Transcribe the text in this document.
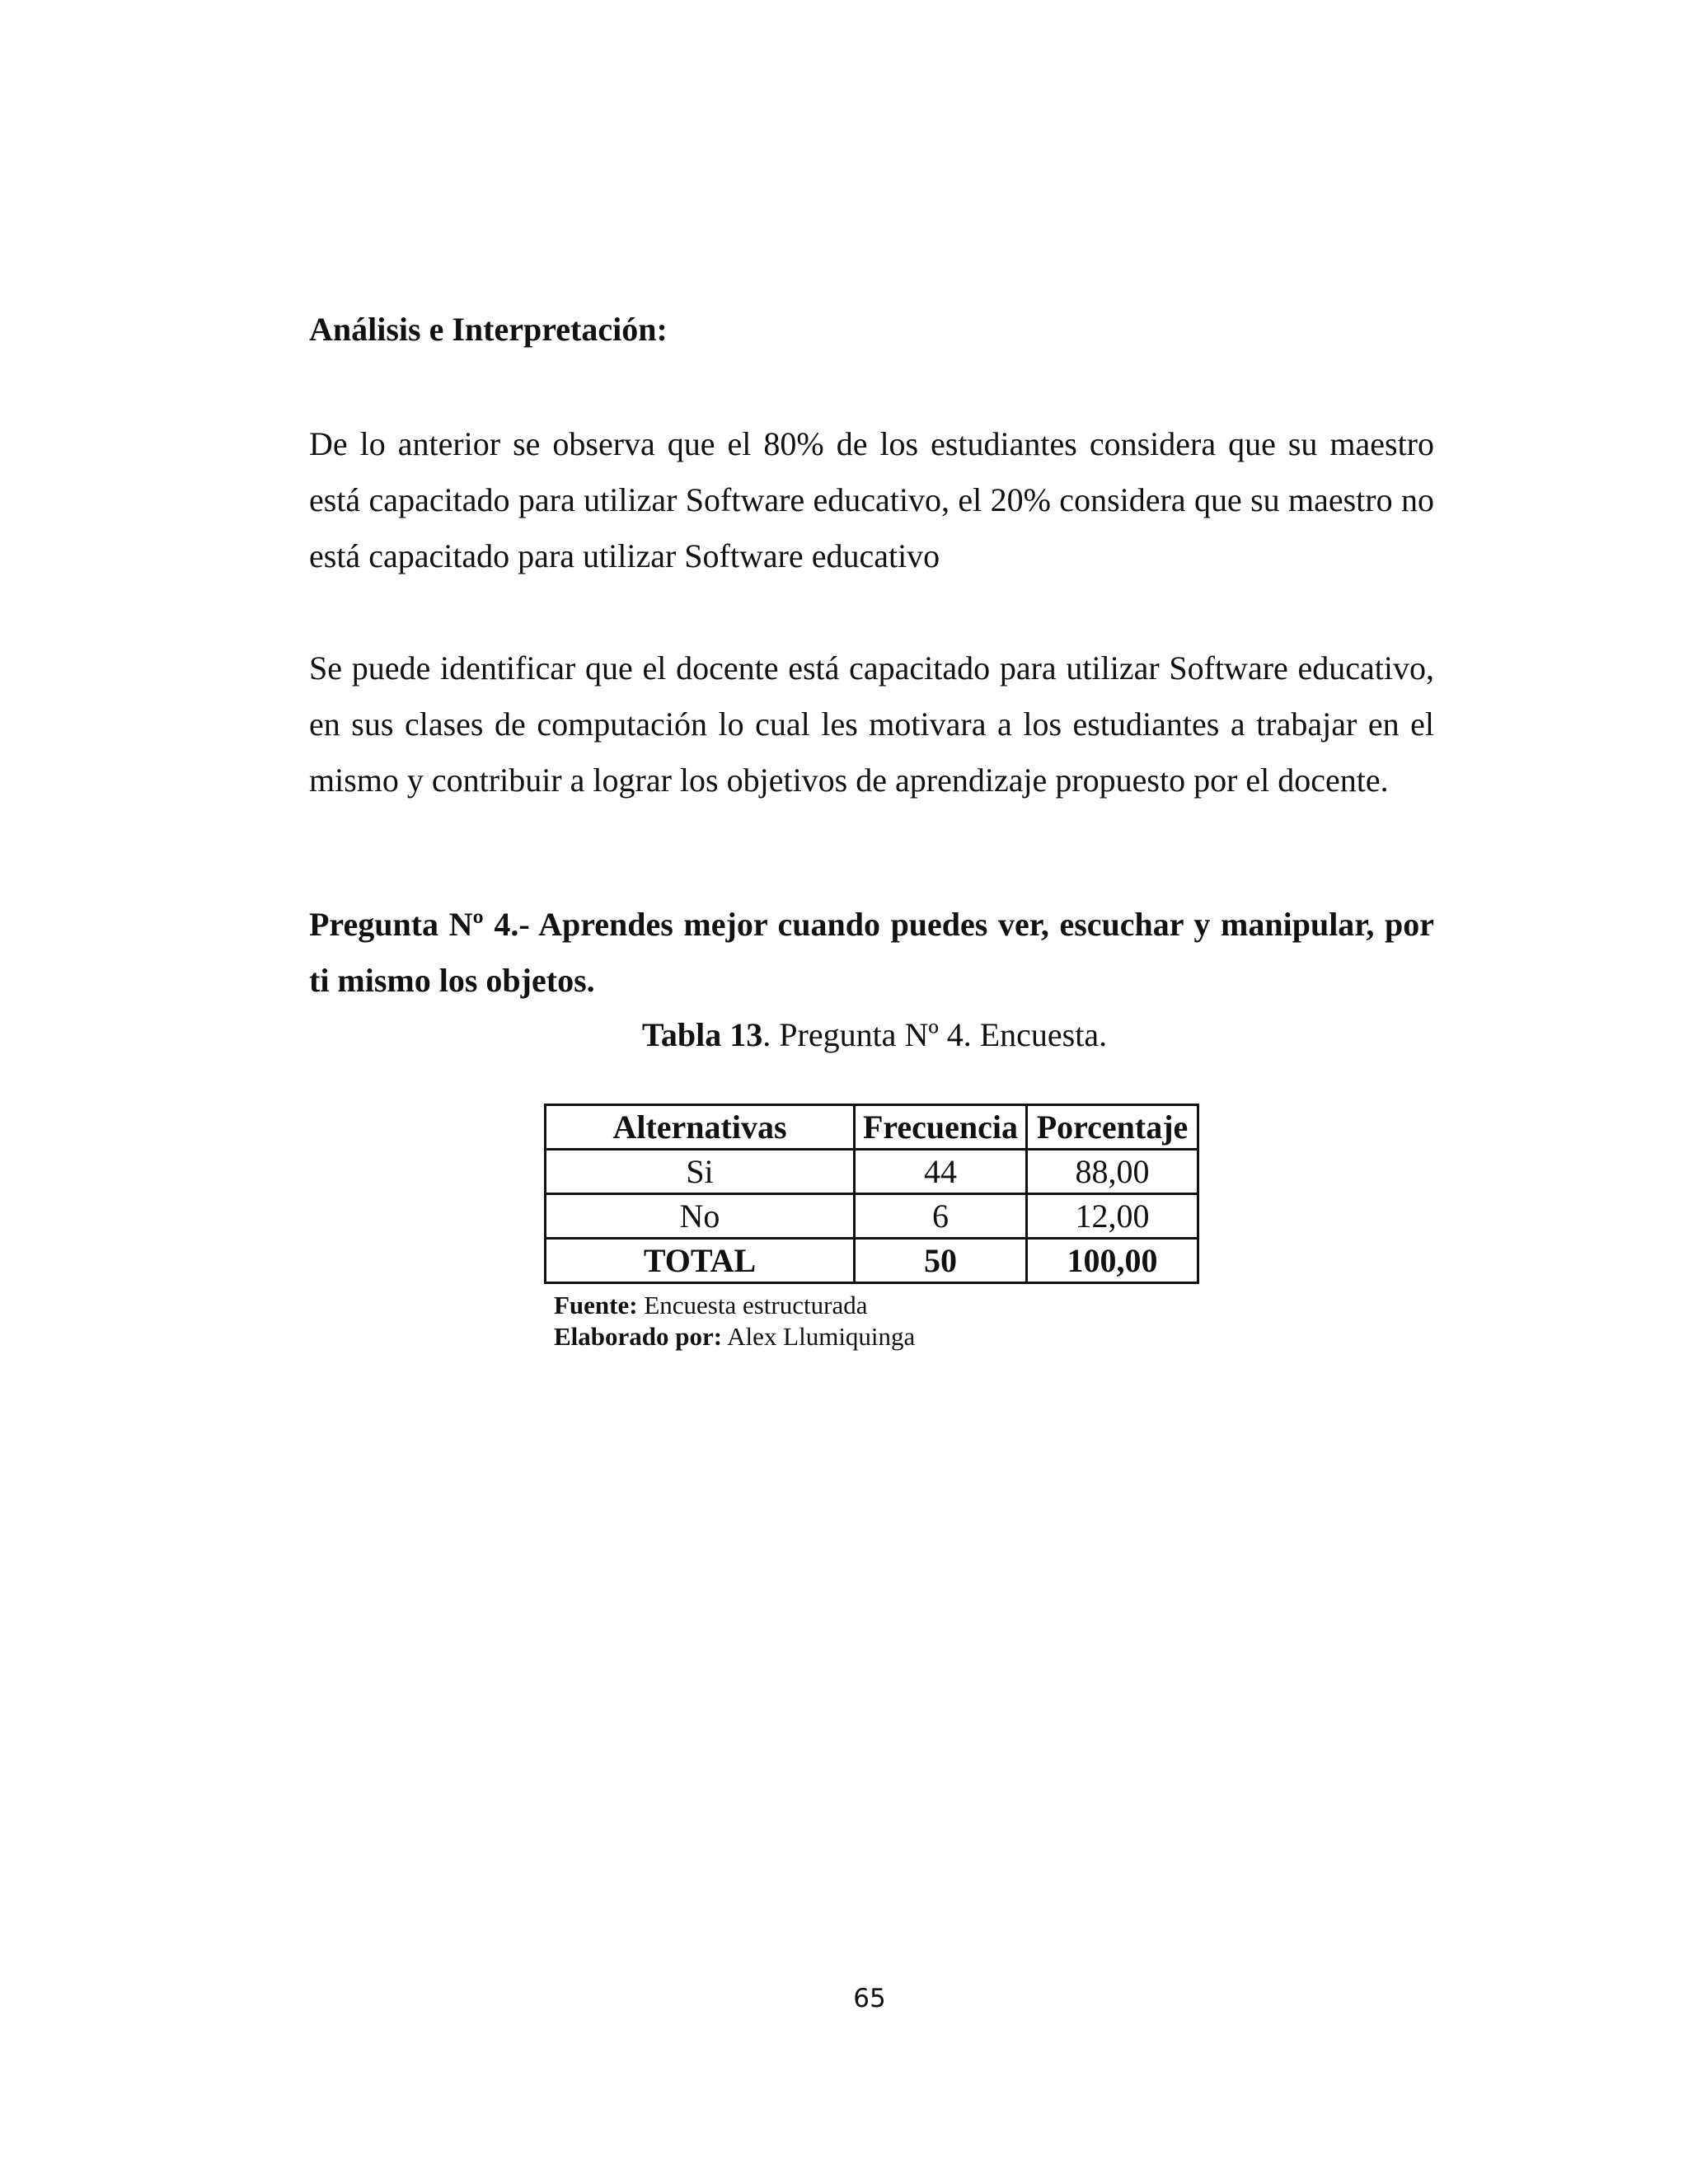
Análisis e Interpretación:

De lo anterior se observa que el 80% de los estudiantes considera que su maestro está capacitado para utilizar Software educativo, el 20% considera que su maestro no está capacitado para utilizar Software educativo

Se puede identificar que el docente está capacitado para utilizar Software educativo, en sus clases de computación lo cual les motivara a los estudiantes a trabajar en el mismo y contribuir a lograr los objetivos de aprendizaje propuesto por el docente.

Pregunta Nº 4.- Aprendes mejor cuando puedes ver, escuchar y manipular, por ti mismo los objetos.

Tabla 13. Pregunta Nº 4. Encuesta.
Alternativas	Frecuencia	Porcentaje
Si	44	88,00
No	6	12,00
TOTAL	50	100,00
Fuente: Encuesta estructurada
Elaborado por: Alex Llumiquinga
65
